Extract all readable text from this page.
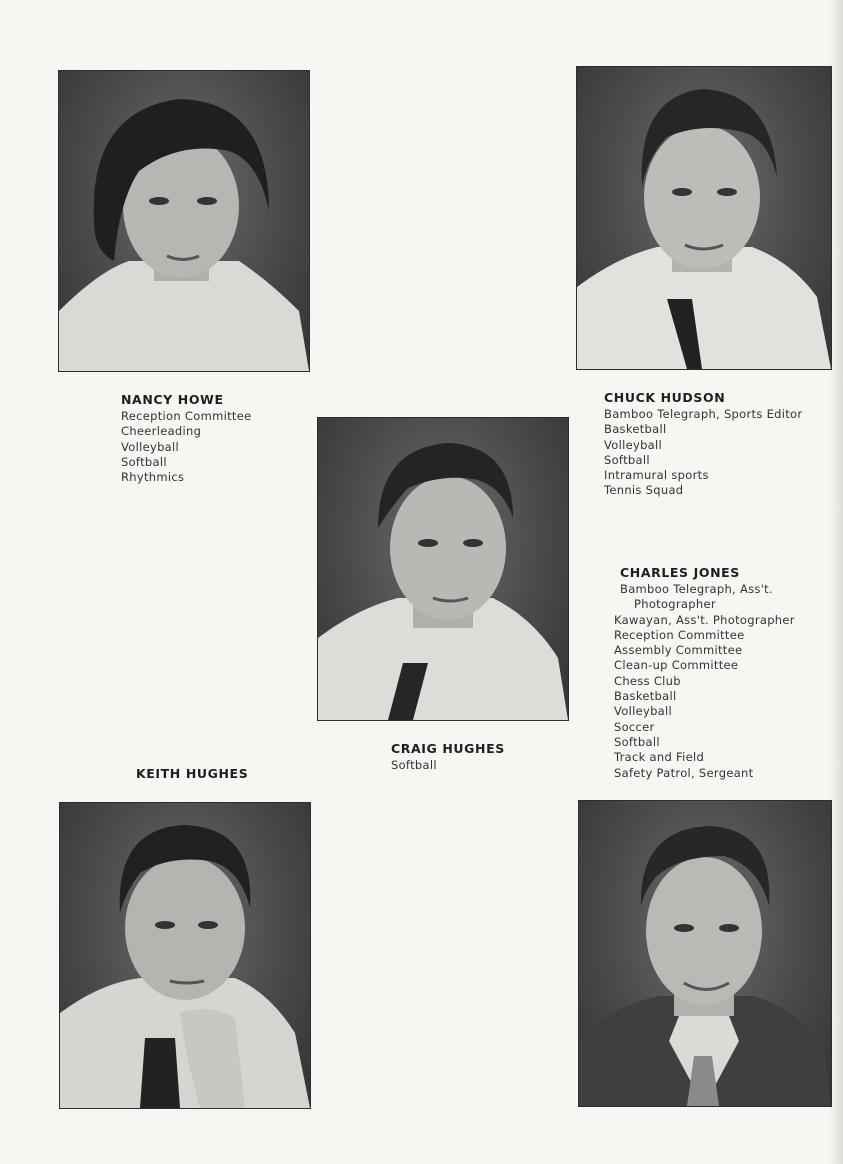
NANCY HOWE
Reception Committee
Cheerleading
Volleyball
Softball
Rhythmics
CHUCK HUDSON
Bamboo Telegraph, Sports Editor
Basketball
Volleyball
Softball
Intramural sports
Tennis Squad
CRAIG HUGHES
Softball
CHARLES JONES
Bamboo Telegraph, Ass't.
Photographer
Kawayan, Ass't. Photographer
Reception Committee
Assembly Committee
Clean-up Committee
Chess Club
Basketball
Volleyball
Soccer
Softball
Track and Field
Safety Patrol, Sergeant
KEITH HUGHES
